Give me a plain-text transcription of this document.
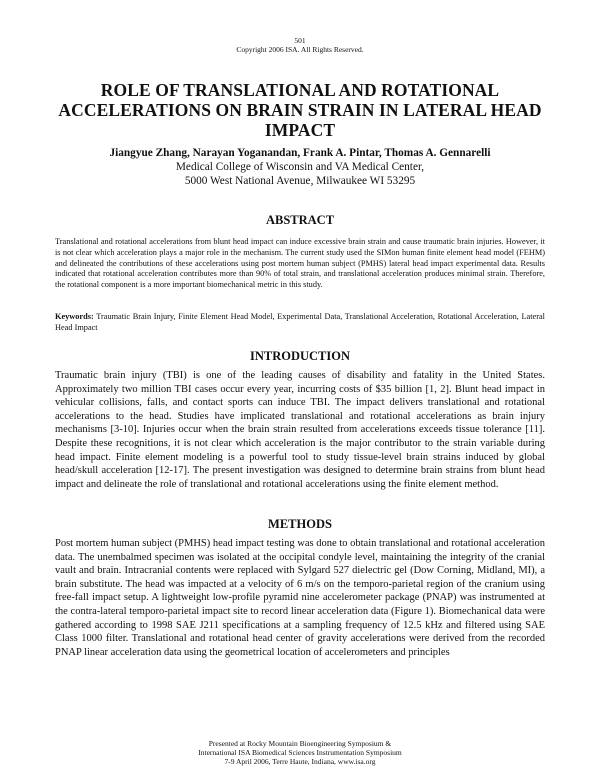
501
Copyright 2006 ISA. All Rights Reserved.
ROLE OF TRANSLATIONAL AND ROTATIONAL ACCELERATIONS ON BRAIN STRAIN IN LATERAL HEAD IMPACT
Jiangyue Zhang, Narayan Yoganandan, Frank A. Pintar, Thomas A. Gennarelli
Medical College of Wisconsin and VA Medical Center,
5000 West National Avenue, Milwaukee WI 53295
ABSTRACT
Translational and rotational accelerations from blunt head impact can induce excessive brain strain and cause traumatic brain injuries. However, it is not clear which acceleration plays a major role in the mechanism. The current study used the SIMon human finite element head model (FEHM) and delineated the contributions of these accelerations using post mortem human subject (PMHS) lateral head impact experimental data. Results indicated that rotational acceleration contributes more than 90% of total strain, and translational acceleration produces minimal strain. Therefore, the rotational component is a more important biomechanical metric in this study.
Keywords: Traumatic Brain Injury, Finite Element Head Model, Experimental Data, Translational Acceleration, Rotational Acceleration, Lateral Head Impact
INTRODUCTION
Traumatic brain injury (TBI) is one of the leading causes of disability and fatality in the United States. Approximately two million TBI cases occur every year, incurring costs of $35 billion [1, 2]. Blunt head impact in vehicular collisions, falls, and contact sports can induce TBI. The impact delivers translational and rotational accelerations to the head. Studies have implicated translational and rotational accelerations as brain injury mechanisms [3-10]. Injuries occur when the brain strain resulted from accelerations exceeds tissue tolerance [11]. Despite these recognitions, it is not clear which acceleration is the major contributor to the strain variable during head impact. Finite element modeling is a powerful tool to study tissue-level brain strains induced by global head/skull acceleration [12-17]. The present investigation was designed to determine brain strains from blunt head impact and delineate the role of translational and rotational accelerations using the finite element method.
METHODS
Post mortem human subject (PMHS) head impact testing was done to obtain translational and rotational acceleration data. The unembalmed specimen was isolated at the occipital condyle level, maintaining the integrity of the cranial vault and brain. Intracranial contents were replaced with Sylgard 527 dielectric gel (Dow Corning, Midland, MI), a brain substitute. The head was impacted at a velocity of 6 m/s on the temporo-parietal region of the cranium using free-fall impact setup. A lightweight low-profile pyramid nine accelerometer package (PNAP) was instrumented at the contra-lateral temporo-parietal impact site to record linear acceleration data (Figure 1). Biomechanical data were gathered according to 1998 SAE J211 specifications at a sampling frequency of 12.5 kHz and filtered using SAE Class 1000 filter. Translational and rotational head center of gravity accelerations were derived from the recorded PNAP linear acceleration data using the geometrical location of accelerometers and principles
Presented at Rocky Mountain Bioengineering Symposium &
International ISA Biomedical Sciences Instrumentation Symposium
7-9 April 2006, Terre Haute, Indiana, www.isa.org
